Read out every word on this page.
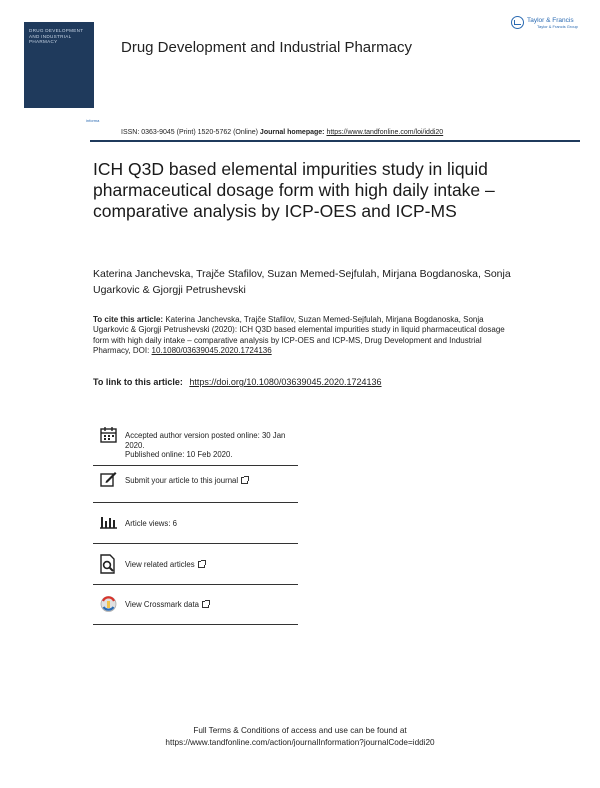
DRUG DEVELOPMENT
AND INDUSTRIAL
PHARMACY
informa
Drug Development and Industrial Pharmacy
Taylor & Francis
Taylor & Francis Group
ISSN: 0363-9045 (Print) 1520-5762 (Online) Journal homepage: https://www.tandfonline.com/loi/iddi20
ICH Q3D based elemental impurities study in liquid pharmaceutical dosage form with high daily intake – comparative analysis by ICP-OES and ICP-MS
Katerina Janchevska, Trajče Stafilov, Suzan Memed-Sejfulah, Mirjana Bogdanoska, Sonja Ugarkovic & Gjorgji Petrushevski
To cite this article: Katerina Janchevska, Trajče Stafilov, Suzan Memed-Sejfulah, Mirjana Bogdanoska, Sonja Ugarkovic & Gjorgji Petrushevski (2020): ICH Q3D based elemental impurities study in liquid pharmaceutical dosage form with high daily intake – comparative analysis by ICP-OES and ICP-MS, Drug Development and Industrial Pharmacy, DOI: 10.1080/03639045.2020.1724136
To link to this article: https://doi.org/10.1080/03639045.2020.1724136
Accepted author version posted online: 30 Jan 2020.
Published online: 10 Feb 2020.
Submit your article to this journal
Article views: 6
View related articles
View Crossmark data
Full Terms & Conditions of access and use can be found at
https://www.tandfonline.com/action/journalInformation?journalCode=iddi20
